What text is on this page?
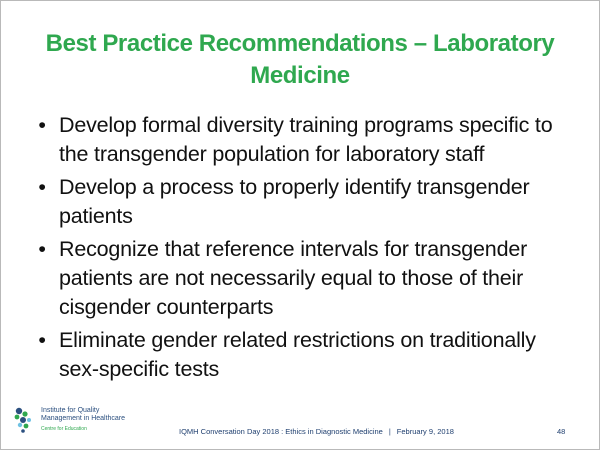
Best Practice Recommendations – Laboratory
Medicine
• Develop formal diversity training programs specific to
the transgender population for laboratory staff
• Develop a process to properly identify transgender
patients
• Recognize that reference intervals for transgender
patients are not necessarily equal to those of their
cisgender counterparts
• Eliminate gender related restrictions on traditionally
sex-specific tests
Institute for Quality
Management in Healthcare
Centre for Education	IQMH Conversation Day 2018 : Ethics in Diagnostic Medicine | February 9, 2018	48
